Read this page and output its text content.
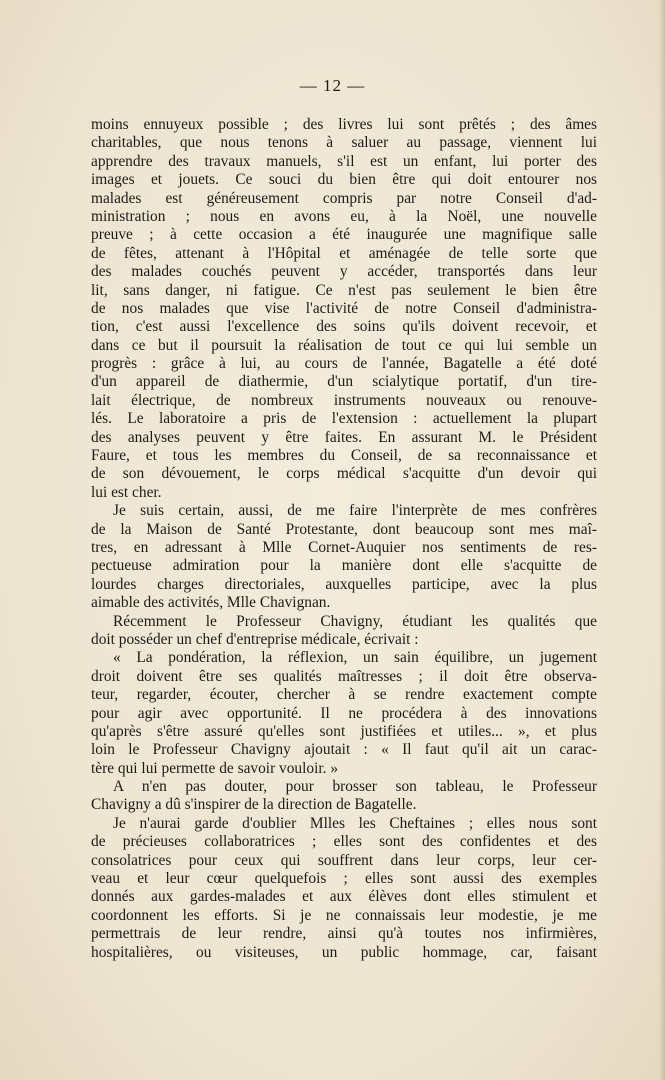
— 12 —
moins ennuyeux possible ; des livres lui sont prêtés ; des âmes
charitables, que nous tenons à saluer au passage, viennent lui
apprendre des travaux manuels, s'il est un enfant, lui porter des
images et jouets. Ce souci du bien être qui doit entourer nos
malades est généreusement compris par notre Conseil d'ad-
ministration ; nous en avons eu, à la Noël, une nouvelle
preuve ; à cette occasion a été inaugurée une magnifique salle
de fêtes, attenant à l'Hôpital et aménagée de telle sorte que
des malades couchés peuvent y accéder, transportés dans leur
lit, sans danger, ni fatigue. Ce n'est pas seulement le bien être
de nos malades que vise l'activité de notre Conseil d'administra-
tion, c'est aussi l'excellence des soins qu'ils doivent recevoir, et
dans ce but il poursuit la réalisation de tout ce qui lui semble un
progrès : grâce à lui, au cours de l'année, Bagatelle a été doté
d'un appareil de diathermie, d'un scialytique portatif, d'un tire-
lait électrique, de nombreux instruments nouveaux ou renouve-
lés. Le laboratoire a pris de l'extension : actuellement la plupart
des analyses peuvent y être faites. En assurant M. le Président
Faure, et tous les membres du Conseil, de sa reconnaissance et
de son dévouement, le corps médical s'acquitte d'un devoir qui
lui est cher.
Je suis certain, aussi, de me faire l'interprète de mes confrères
de la Maison de Santé Protestante, dont beaucoup sont mes maî-
tres, en adressant à Mlle Cornet-Auquier nos sentiments de res-
pectueuse admiration pour la manière dont elle s'acquitte de
lourdes charges directoriales, auxquelles participe, avec la plus
aimable des activités, Mlle Chavignan.
Récemment le Professeur Chavigny, étudiant les qualités que
doit posséder un chef d'entreprise médicale, écrivait :
« La pondération, la réflexion, un sain équilibre, un jugement
droit doivent être ses qualités maîtresses ; il doit être observa-
teur, regarder, écouter, chercher à se rendre exactement compte
pour agir avec opportunité. Il ne procédera à des innovations
qu'après s'être assuré qu'elles sont justifiées et utiles... », et plus
loin le Professeur Chavigny ajoutait : « Il faut qu'il ait un carac-
tère qui lui permette de savoir vouloir. »
A n'en pas douter, pour brosser son tableau, le Professeur
Chavigny a dû s'inspirer de la direction de Bagatelle.
Je n'aurai garde d'oublier Mlles les Cheftaines ; elles nous sont
de précieuses collaboratrices ; elles sont des confidentes et des
consolatrices pour ceux qui souffrent dans leur corps, leur cer-
veau et leur cœur quelquefois ; elles sont aussi des exemples
donnés aux gardes-malades et aux élèves dont elles stimulent et
coordonnent les efforts. Si je ne connaissais leur modestie, je me
permettrais de leur rendre, ainsi qu'à toutes nos infirmières,
hospitalières, ou visiteuses, un public hommage, car, faisant
